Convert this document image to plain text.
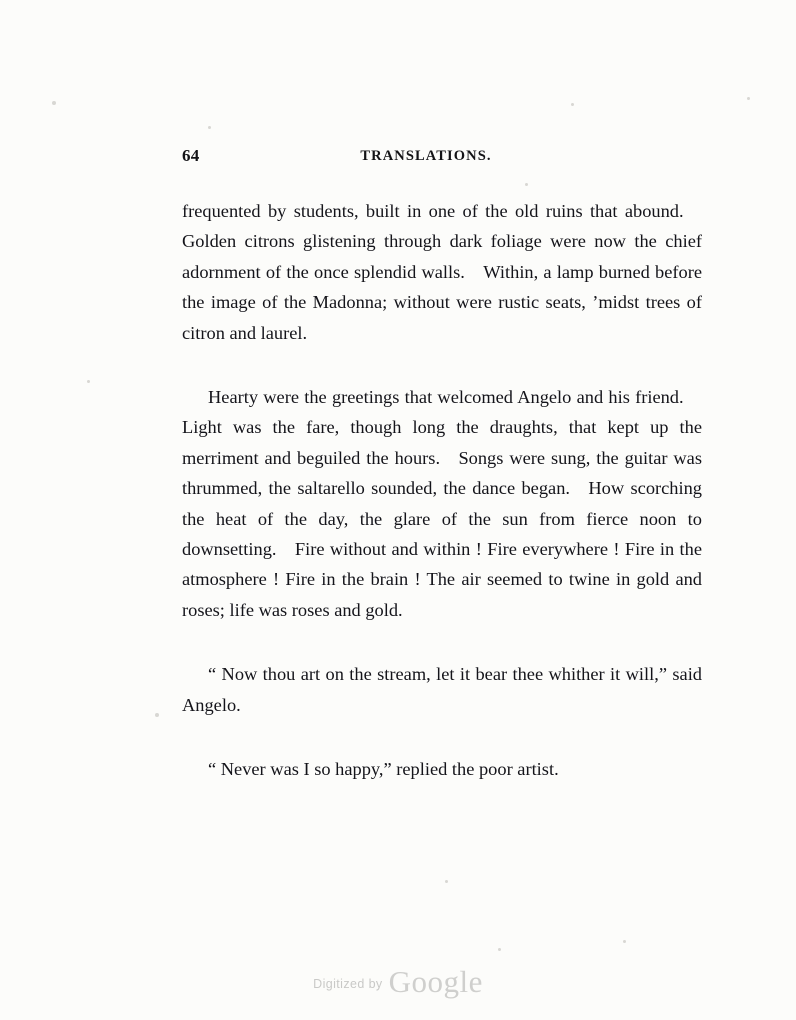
64	TRANSLATIONS.

frequented by students, built in one of the old ruins that abound. Golden citrons glistening through dark foliage were now the chief adornment of the once splendid walls. Within, a lamp burned before the image of the Madonna; without were rustic seats, ’midst trees of citron and laurel.

Hearty were the greetings that welcomed Angelo and his friend. Light was the fare, though long the draughts, that kept up the merriment and beguiled the hours. Songs were sung, the guitar was thrummed, the saltarello sounded, the dance began. How scorching the heat of the day, the glare of the sun from fierce noon to downsetting. Fire without and within ! Fire everywhere ! Fire in the atmosphere ! Fire in the brain ! The air seemed to twine in gold and roses; life was roses and gold.

“ Now thou art on the stream, let it bear thee whither it will,” said Angelo.

“ Never was I so happy,” replied the poor artist.

Digitized by Google
